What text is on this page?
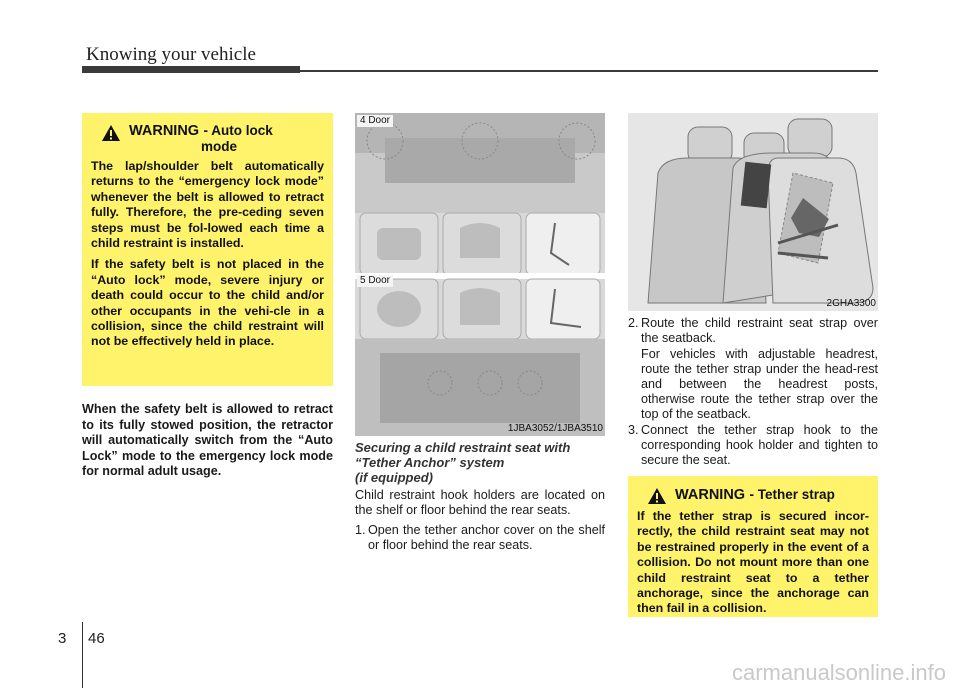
Knowing your vehicle
WARNING - Auto lock
mode

The lap/shoulder belt automatically returns to the “emergency lock mode” whenever the belt is allowed to retract fully. Therefore, the pre-ceding seven steps must be fol-lowed each time a child restraint is installed.

If the safety belt is not placed in the “Auto lock” mode, severe injury or death could occur to the child and/or other occupants in the vehi-cle in a collision, since the child restraint will not be effectively held in place.

When the safety belt is allowed to retract to its fully stowed position, the retractor will automatically switch from the “Auto Lock” mode to the emergency lock mode for normal adult usage.
4 Door
5 Door
1JBA3052/1JBA3510
Securing a child restraint seat with
“Tether Anchor” system
(if equipped)

Child restraint hook holders are located on the shelf or floor behind the rear seats.

1. Open the tether anchor cover on the shelf or floor behind the rear seats.
2GHA3300
2. Route the child restraint seat strap over the seatback.
For vehicles with adjustable headrest, route the tether strap under the head-rest and between the headrest posts, otherwise route the tether strap over the top of the seatback.
3. Connect the tether strap hook to the corresponding hook holder and tighten to secure the seat.
WARNING - Tether strap

If the tether strap is secured incor-rectly, the child restraint seat may not be restrained properly in the event of a collision. Do not mount more than one child restraint seat to a tether anchorage, since the anchorage can then fail in a collision.

3 46
carmanualsonline.info
